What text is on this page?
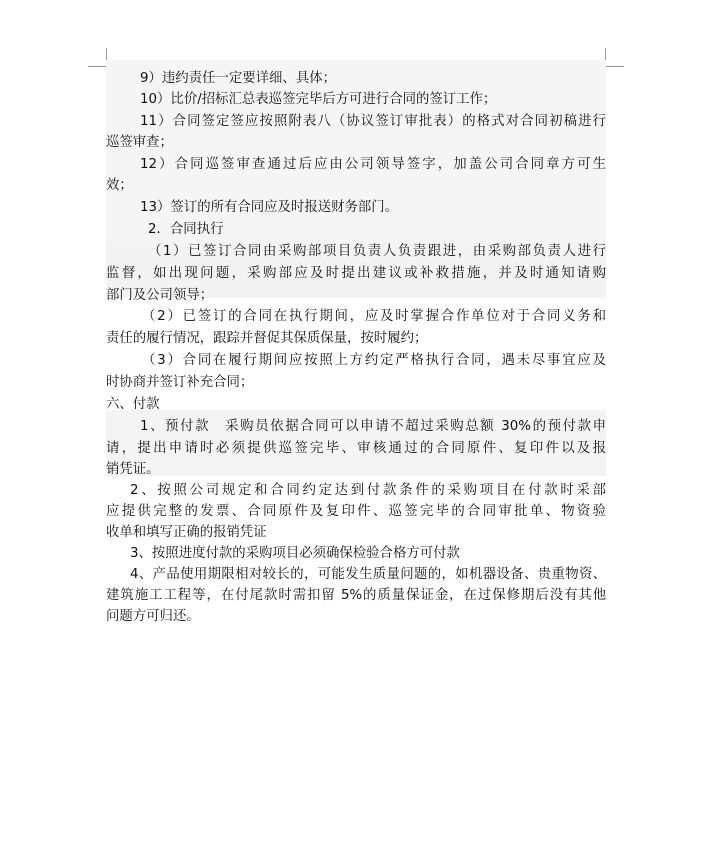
9）违约责任一定要详细、具体；
10）比价/招标汇总表巡签完毕后方可进行合同的签订工作；
11）合同签定签应按照附表八（协议签订审批表）的格式对合同初稿进行
巡签审查；
12）合同巡签审查通过后应由公司领导签字，加盖公司合同章方可生
效；
13）签订的所有合同应及时报送财务部门。
2．合同执行
（1）已签订合同由采购部项目负责人负责跟进，由采购部负责人进行
监督，如出现问题，采购部应及时提出建议或补救措施，并及时通知请购
部门及公司领导；
（2）已签订的合同在执行期间，应及时掌握合作单位对于合同义务和
责任的履行情况，跟踪并督促其保质保量，按时履约；
（3）合同在履行期间应按照上方约定严格执行合同，遇未尽事宜应及
时协商并签订补充合同；
六、付款
1、预付款　采购员依据合同可以申请不超过采购总额 30%的预付款申
请，提出申请时必须提供巡签完毕、审核通过的合同原件、复印件以及报
销凭证。
2、按照公司规定和合同约定达到付款条件的采购项目在付款时采部
应提供完整的发票、合同原件及复印件、巡签完毕的合同审批单、物资验
收单和填写正确的报销凭证
3、按照进度付款的采购项目必须确保检验合格方可付款
4、产品使用期限相对较长的，可能发生质量问题的，如机器设备、贵重物资、
建筑施工工程等，在付尾款时需扣留 5%的质量保证金，在过保修期后没有其他
问题方可归还。
